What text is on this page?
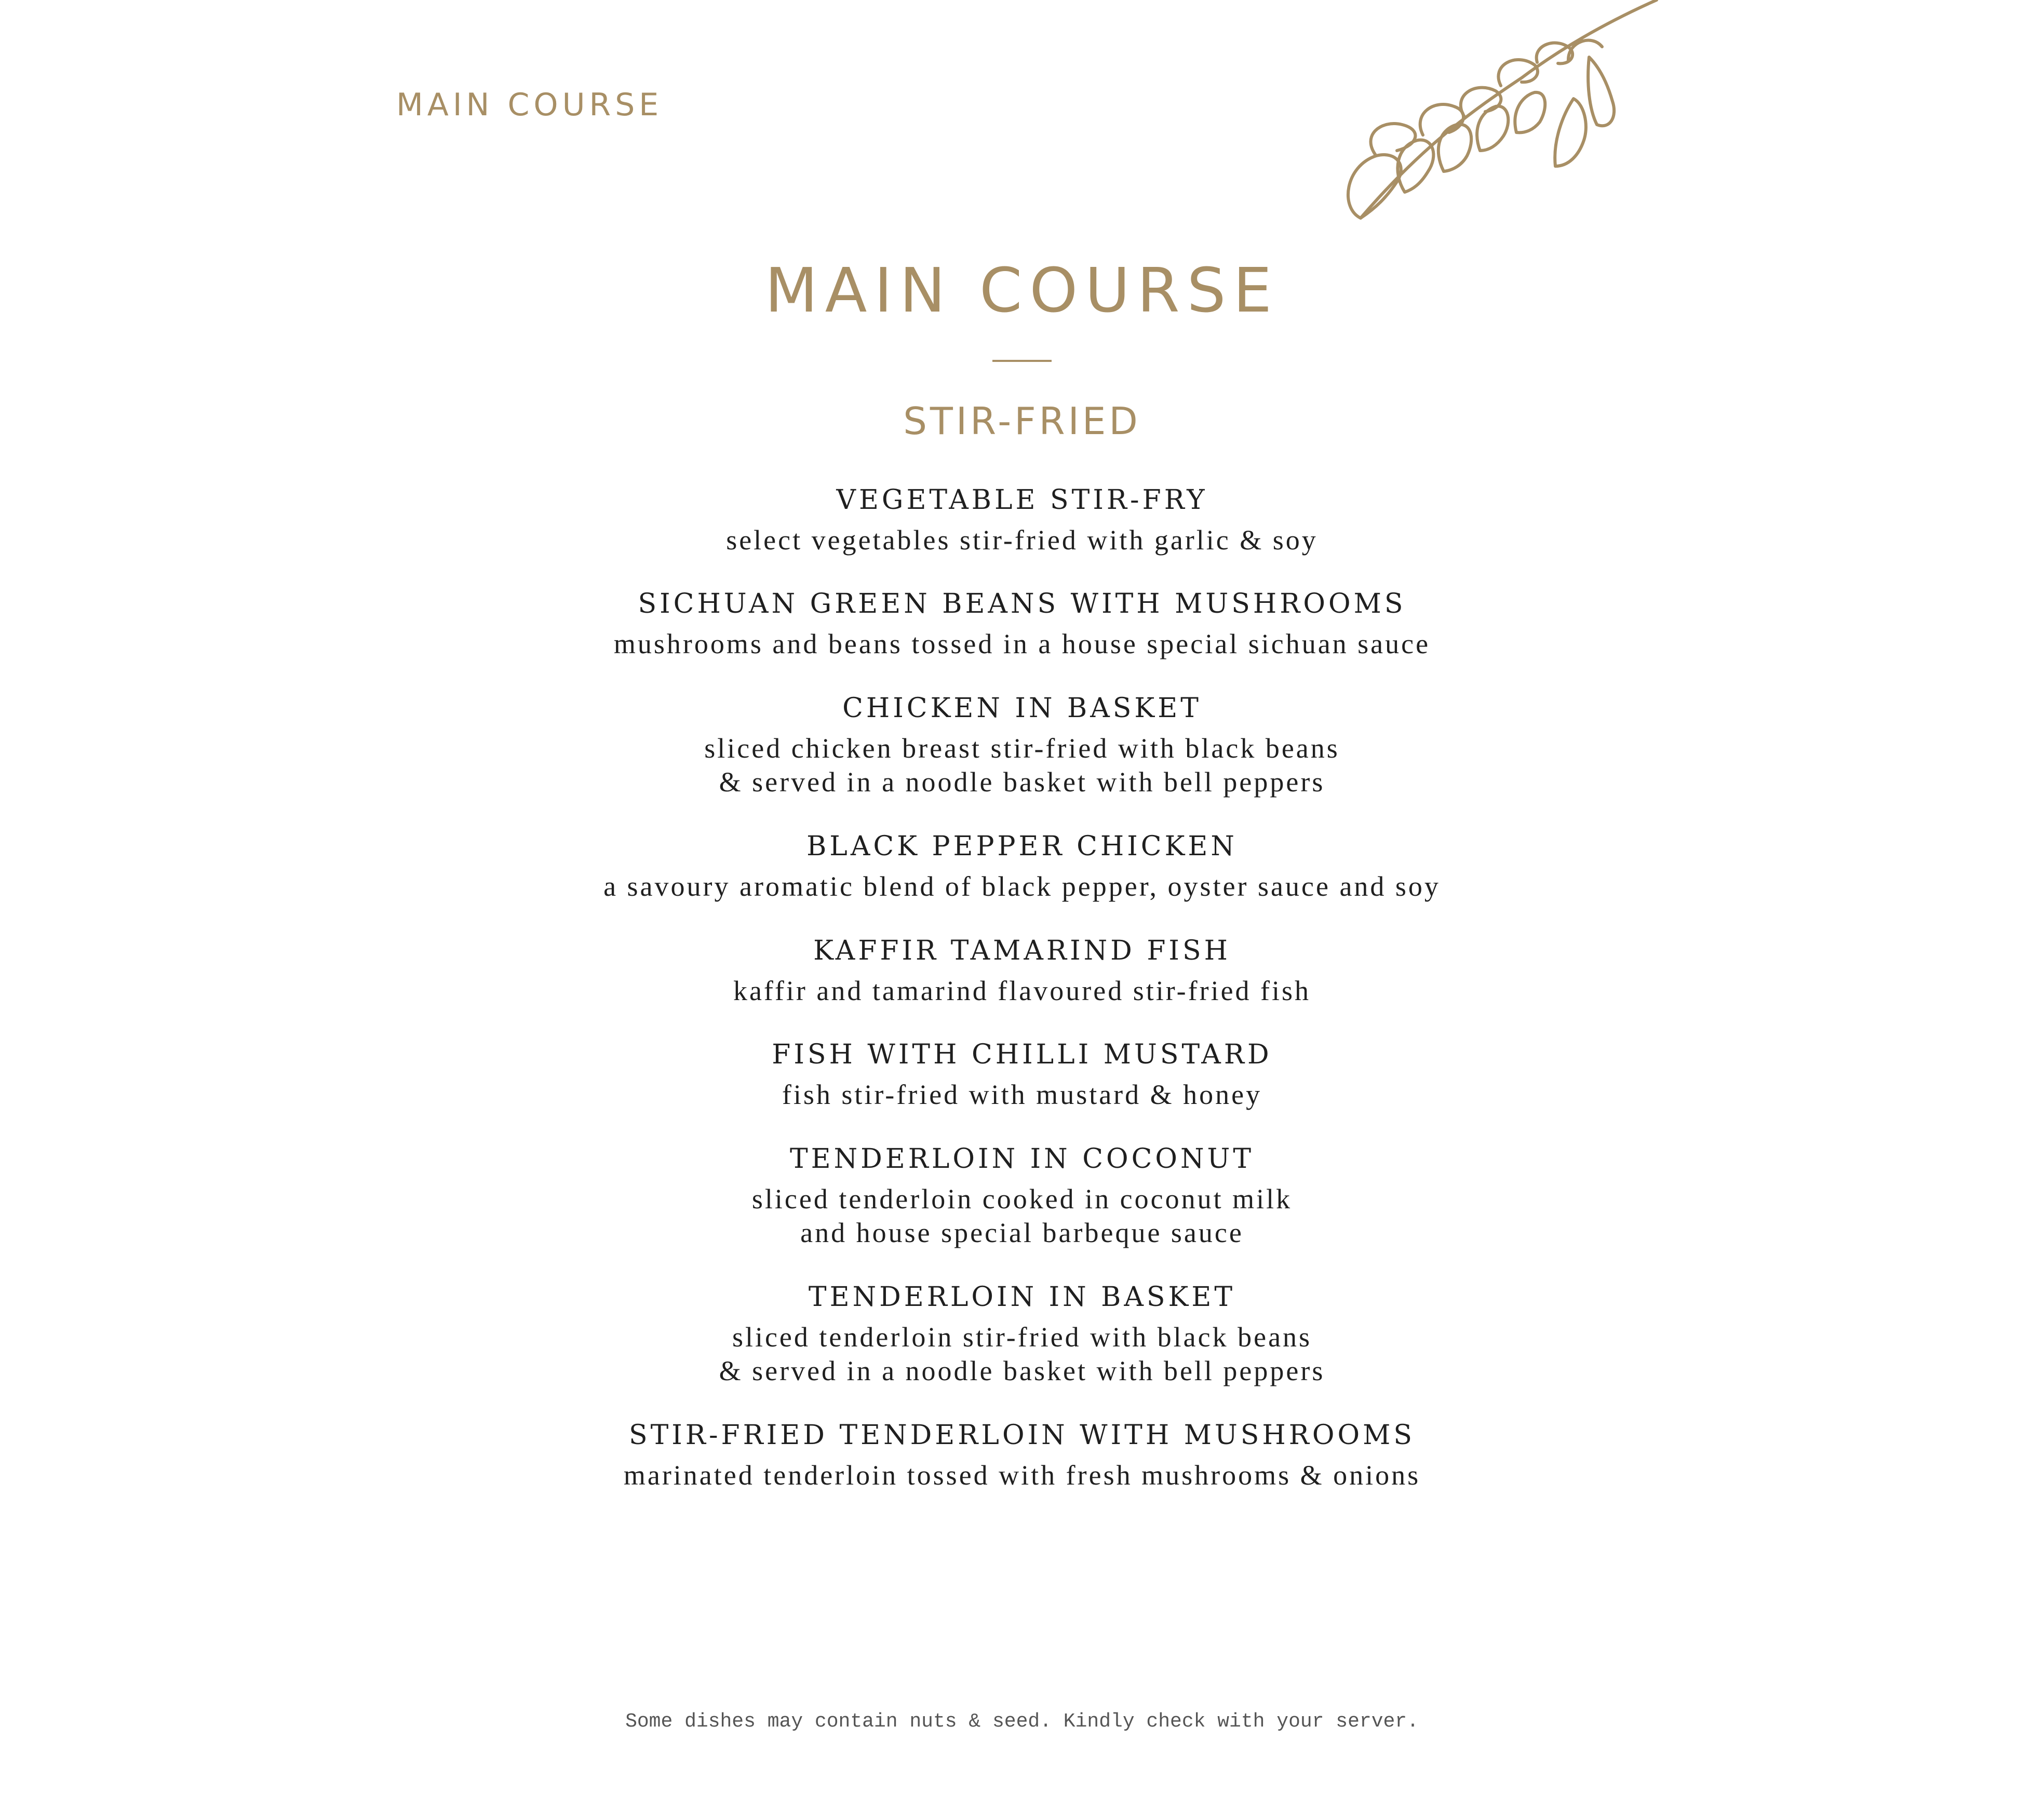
MAIN COURSE
MAIN COURSE
STIR-FRIED
VEGETABLE STIR-FRY
select vegetables stir-fried with garlic & soy
SICHUAN GREEN BEANS WITH MUSHROOMS
mushrooms and beans tossed in a house special sichuan sauce
CHICKEN IN BASKET
sliced chicken breast stir-fried with black beans
& served in a noodle basket with bell peppers
BLACK PEPPER CHICKEN
a savoury aromatic blend of black pepper, oyster sauce and soy
KAFFIR TAMARIND FISH
kaffir and tamarind flavoured stir-fried fish
FISH WITH CHILLI MUSTARD
fish stir-fried with mustard & honey
TENDERLOIN IN COCONUT
sliced tenderloin cooked in coconut milk
and house special barbeque sauce
TENDERLOIN IN BASKET
sliced tenderloin stir-fried with black beans
& served in a noodle basket with bell peppers
STIR-FRIED TENDERLOIN WITH MUSHROOMS
marinated tenderloin tossed with fresh mushrooms & onions
Some dishes may contain nuts & seed. Kindly check with your server.
